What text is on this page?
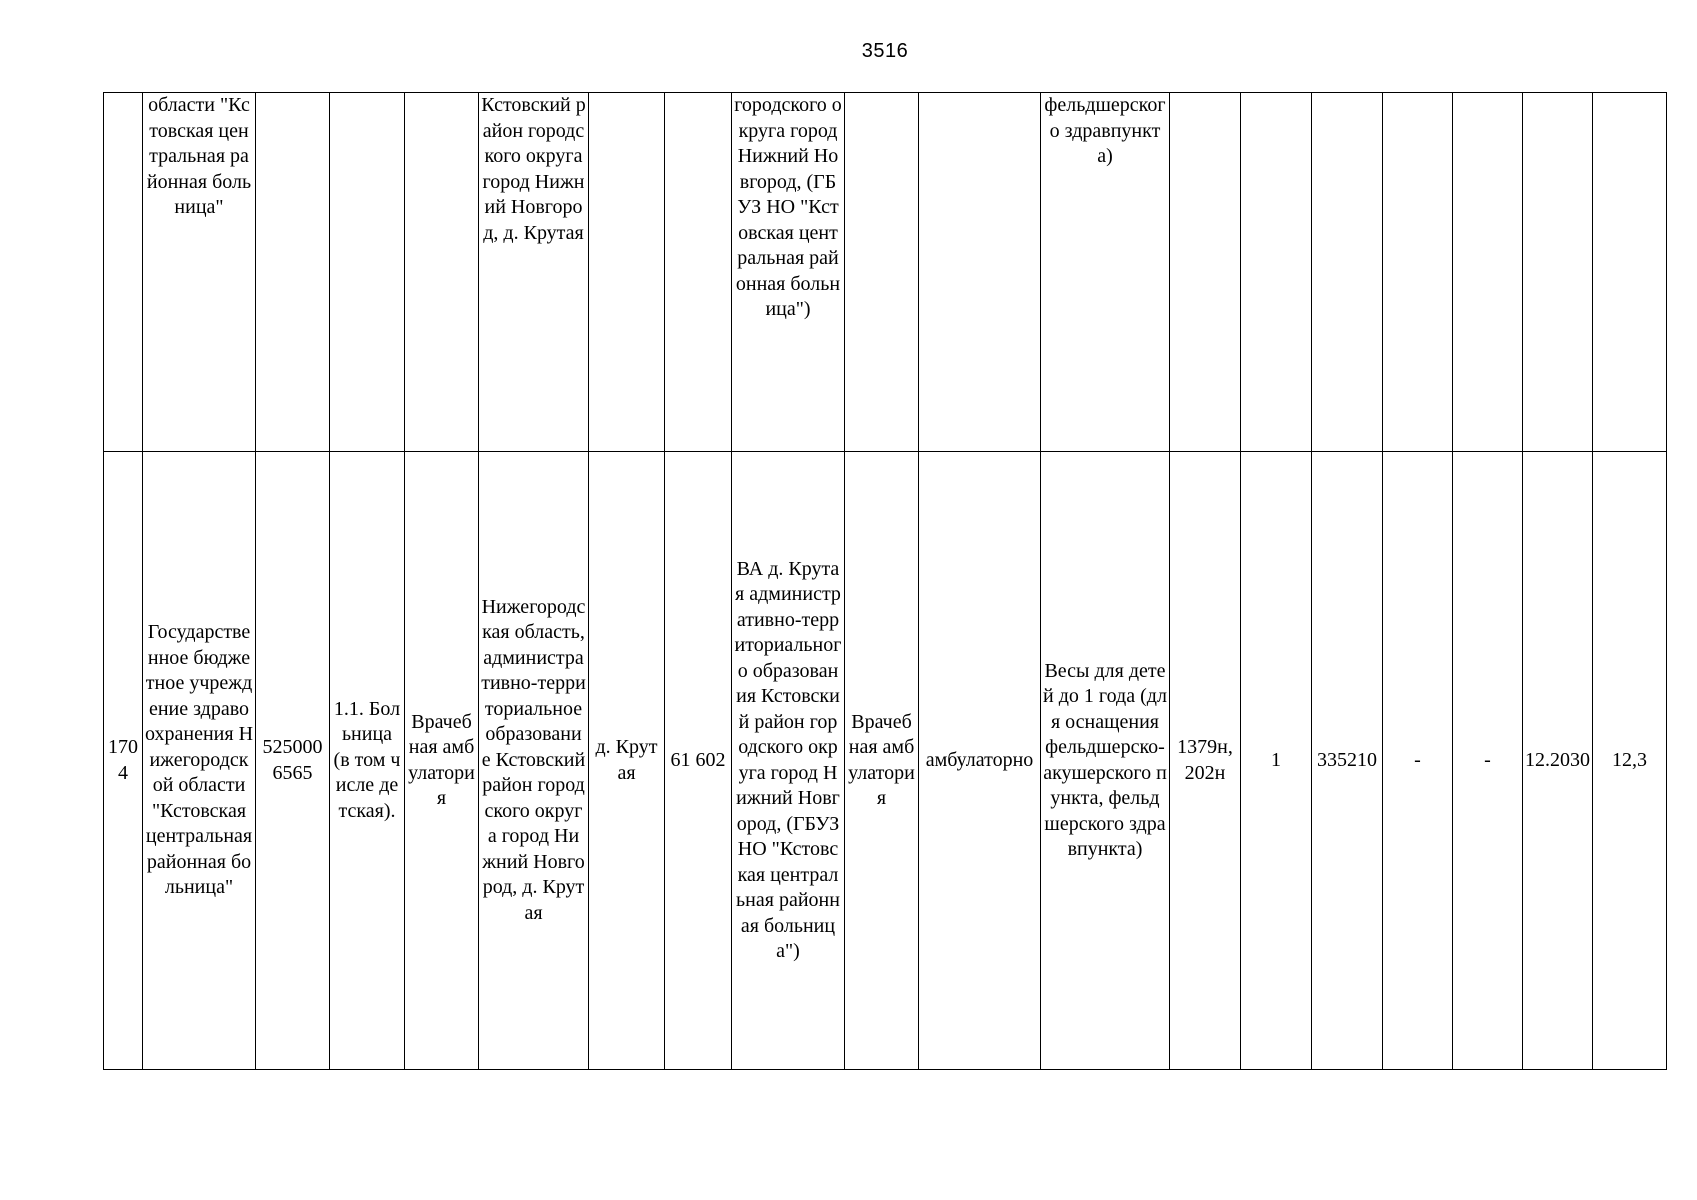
3516
	области "Кстовская центральная районная больница"				Кстовский район городского округа город Нижний Новгород, д. Крутая			городского округа город Нижний Новгород, (ГБУЗ НО "Кстовская центральная районная больница")			фельдшерского здравпункта)							
1704	Государственное бюджетное учреждение здравоохранения Нижегородской области "Кстовская центральная районная больница"	525000 6565	1.1. Больница (в том числе детская).	Врачебная амбулатория	Нижегородская область, административно-территориальное образование Кстовский район городского округа город Нижний Новгород, д. Крутая	д. Крутая	61 602	ВА д. Крутая административно-территориального образования Кстовский район городского округа город Нижний Новгород, (ГБУЗ НО "Кстовская центральная районная больница")	Врачебная амбулатория	амбулаторно	Весы для детей до 1 года (для оснащения фельдшерско-акушерского пункта, фельдшерского здравпункта)	1379н, 202н	1	335210	-	-	12.2030	12,3
